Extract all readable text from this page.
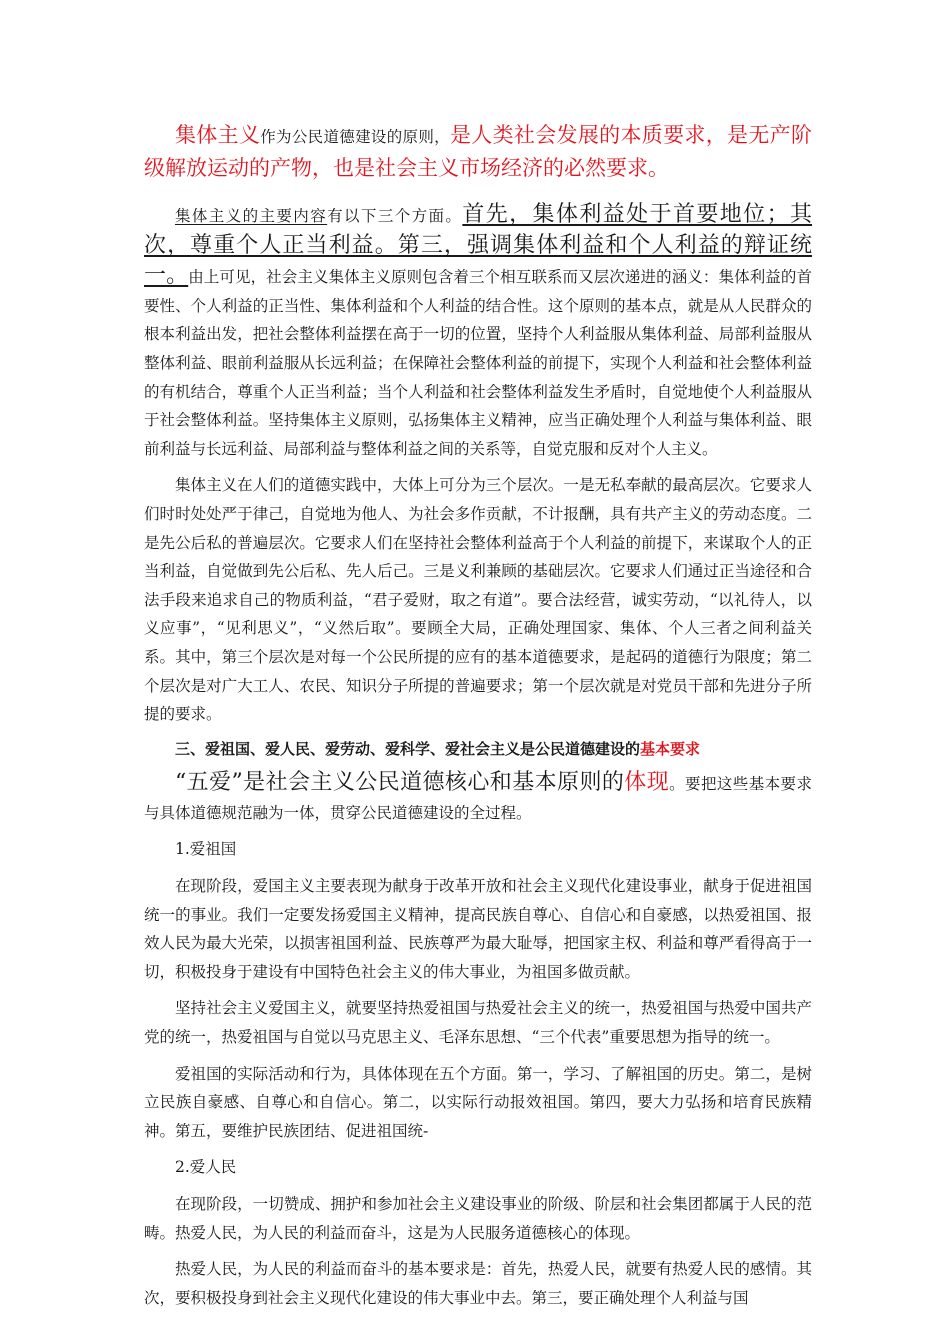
集体主义作为公民道德建设的原则，是人类社会发展的本质要求，是无产阶级解放运动的产物，也是社会主义市场经济的必然要求。

集体主义的主要内容有以下三个方面。首先，集体利益处于首要地位；其次，尊重个人正当利益。第三，强调集体利益和个人利益的辩证统一。由上可见，社会主义集体主义原则包含着三个相互联系而又层次递进的涵义：集体利益的首要性、个人利益的正当性、集体利益和个人利益的结合性。这个原则的基本点，就是从人民群众的根本利益出发，把社会整体利益摆在高于一切的位置，坚持个人利益服从集体利益、局部利益服从整体利益、眼前利益服从长远利益；在保障社会整体利益的前提下，实现个人利益和社会整体利益的有机结合，尊重个人正当利益；当个人利益和社会整体利益发生矛盾时，自觉地使个人利益服从于社会整体利益。坚持集体主义原则，弘扬集体主义精神，应当正确处理个人利益与集体利益、眼前利益与长远利益、局部利益与整体利益之间的关系等，自觉克服和反对个人主义。

集体主义在人们的道德实践中，大体上可分为三个层次。一是无私奉献的最高层次。它要求人们时时处处严于律己，自觉地为他人、为社会多作贡献，不计报酬，具有共产主义的劳动态度。二是先公后私的普遍层次。它要求人们在坚持社会整体利益高于个人利益的前提下，来谋取个人的正当利益，自觉做到先公后私、先人后己。三是义利兼顾的基础层次。它要求人们通过正当途径和合法手段来追求自己的物质利益，“君子爱财，取之有道”。要合法经营，诚实劳动，“以礼待人，以义应事”，“见利思义”，“义然后取”。要顾全大局，正确处理国家、集体、个人三者之间利益关系。其中，第三个层次是对每一个公民所提的应有的基本道德要求，是起码的道德行为限度；第二个层次是对广大工人、农民、知识分子所提的普遍要求；第一个层次就是对党员干部和先进分子所提的要求。

三、爱祖国、爱人民、爱劳动、爱科学、爱社会主义是公民道德建设的基本要求

“五爱”是社会主义公民道德核心和基本原则的体现。要把这些基本要求与具体道德规范融为一体，贯穿公民道德建设的全过程。

1.爱祖国

在现阶段，爱国主义主要表现为献身于改革开放和社会主义现代化建设事业，献身于促进祖国统一的事业。我们一定要发扬爱国主义精神，提高民族自尊心、自信心和自豪感，以热爱祖国、报效人民为最大光荣，以损害祖国利益、民族尊严为最大耻辱，把国家主权、利益和尊严看得高于一切，积极投身于建设有中国特色社会主义的伟大事业，为祖国多做贡献。

坚持社会主义爱国主义，就要坚持热爱祖国与热爱社会主义的统一，热爱祖国与热爱中国共产党的统一，热爱祖国与自觉以马克思主义、毛泽东思想、“三个代表”重要思想为指导的统一。

爱祖国的实际活动和行为，具体体现在五个方面。第一，学习、了解祖国的历史。第二，是树立民族自豪感、自尊心和自信心。第二，以实际行动报效祖国。第四，要大力弘扬和培育民族精神。第五，要维护民族团结、促进祖国统-

2.爱人民

在现阶段，一切赞成、拥护和参加社会主义建设事业的阶级、阶层和社会集团都属于人民的范畴。热爱人民，为人民的利益而奋斗，这是为人民服务道德核心的体现。

热爱人民，为人民的利益而奋斗的基本要求是：首先，热爱人民，就要有热爱人民的感情。其次，要积极投身到社会主义现代化建设的伟大事业中去。第三，要正确处理个人利益与国
